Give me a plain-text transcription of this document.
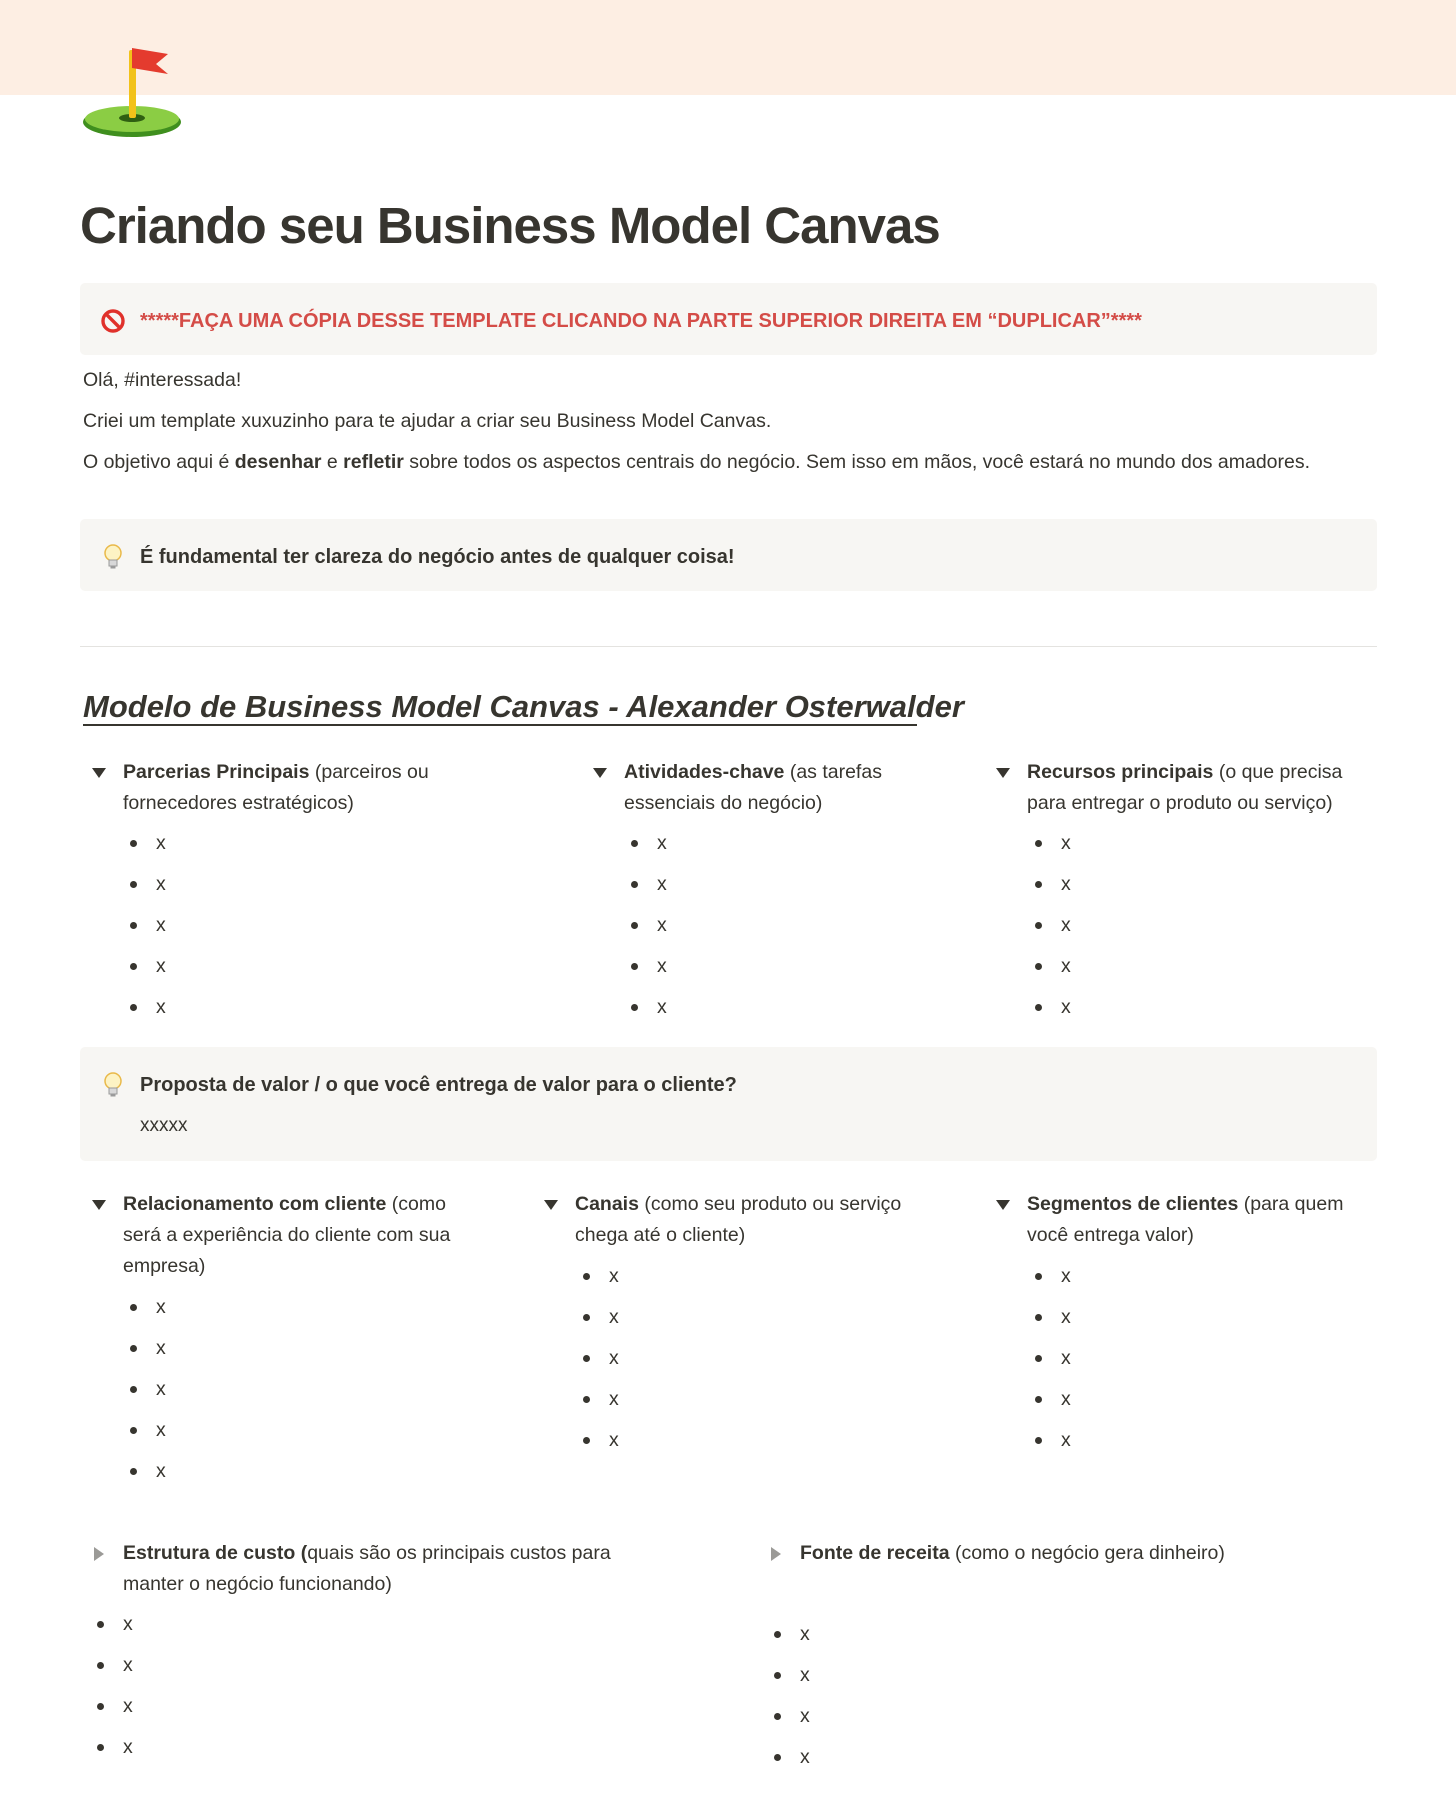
Criando seu Business Model Canvas
*****FAÇA UMA CÓPIA DESSE TEMPLATE CLICANDO NA PARTE SUPERIOR DIREITA EM “DUPLICAR”****

Olá, #interessada!

Criei um template xuxuzinho para te ajudar a criar seu Business Model Canvas.

O objetivo aqui é desenhar e refletir sobre todos os aspectos centrais do negócio. Sem isso em mãos, você estará no mundo dos amadores.

É fundamental ter clareza do negócio antes de qualquer coisa!
Modelo de Business Model Canvas - Alexander Osterwalder
Parcerias Principais (parceiros ou
fornecedores estratégicos)
x
x
x
x
x
Atividades-chave (as tarefas
essenciais do negócio)
x
x
x
x
x
Recursos principais (o que precisa
para entregar o produto ou serviço)
x
x
x
x
x
Proposta de valor / o que você entrega de valor para o cliente?
xxxxx
Relacionamento com cliente (como
será a experiência do cliente com sua
empresa)
x
x
x
x
x
Canais (como seu produto ou serviço
chega até o cliente)
x
x
x
x
x
Segmentos de clientes (para quem
você entrega valor)
x
x
x
x
x
Estrutura de custo (quais são os principais custos para
manter o negócio funcionando)
x
x
x
x
Fonte de receita (como o negócio gera dinheiro)
x
x
x
x
